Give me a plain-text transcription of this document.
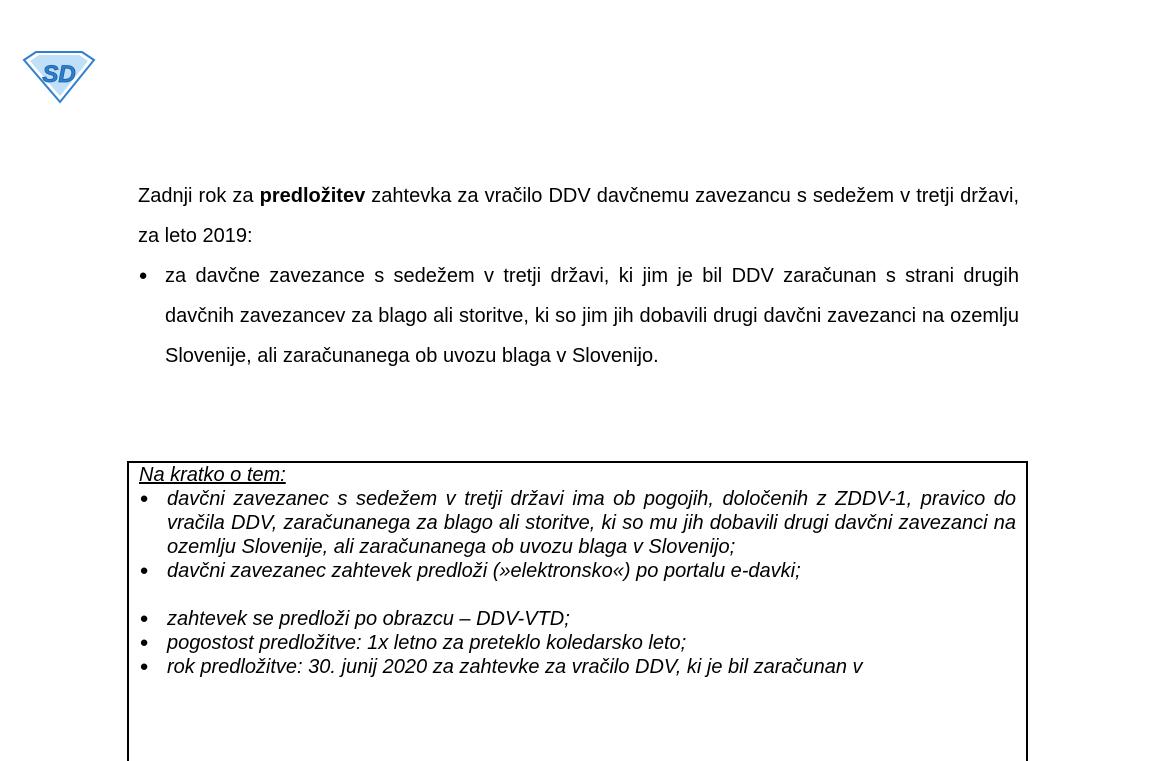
SD

Zadnji rok za predložitev zahtevka za vračilo DDV davčnemu zavezancu s sedežem v tretji državi, za leto 2019:

● za davčne zavezance s sedežem v tretji državi, ki jim je bil DDV zaračunan s strani drugih davčnih zavezancev za blago ali storitve, ki so jim jih dobavili drugi davčni zavezanci na ozemlju Slovenije, ali zaračunanega ob uvozu blaga v Slovenijo.

Na kratko o tem:

● davčni zavezanec s sedežem v tretji državi ima ob pogojih, določenih z ZDDV-1, pravico do vračila DDV, zaračunanega za blago ali storitve, ki so mu jih dobavili drugi davčni zavezanci na ozemlju Slovenije, ali zaračunanega ob uvozu blaga v Slovenijo;
● davčni zavezanec zahtevek predloži (»elektronsko«) po portalu e-davki;
● zahtevek se predloži po obrazcu – DDV-VTD;
● pogostost predložitve: 1x letno za preteklo koledarsko leto;
● rok predložitve: 30. junij 2020 za zahtevke za vračilo DDV, ki je bil zaračunan v
